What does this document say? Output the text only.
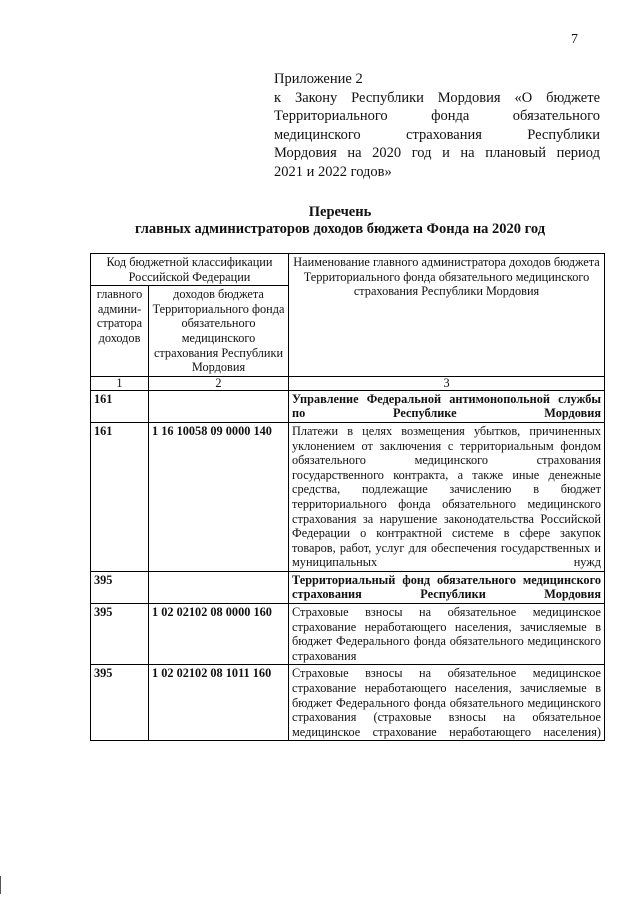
7
Приложение 2
к Закону Республики Мордовия «О бюджете
Территориального фонда обязательного
медицинского страхования Республики
Мордовия на 2020 год и на плановый период
2021 и 2022 годов»
Перечень
главных администраторов доходов бюджета Фонда на 2020 год
Код бюджетной классификации Российской Федерации		Наименование главного администратора доходов бюджета Территориального фонда обязательного медицинского страхования Республики Мордовия
главного админи-стратора доходов	доходов бюджета Территориального фонда обязательного медицинского страхования Республики Мордовия	
1	2	3
161		Управление Федеральной антимонопольной службы по Республике Мордовия
161	1 16 10058 09 0000 140	Платежи в целях возмещения убытков, причиненных уклонением от заключения с территориальным фондом обязательного медицинского страхования государственного контракта, а также иные денежные средства, подлежащие зачислению в бюджет территориального фонда обязательного медицинского страхования за нарушение законодательства Российской Федерации о контрактной системе в сфере закупок товаров, работ, услуг для обеспечения государственных и муниципальных нужд
395		Территориальный фонд обязательного медицинского страхования Республики Мордовия
395	1 02 02102 08 0000 160	Страховые взносы на обязательное медицинское страхование неработающего населения, зачисляемые в бюджет Федерального фонда обязательного медицинского страхования
395	1 02 02102 08 1011 160	Страховые взносы на обязательное медицинское страхование неработающего населения, зачисляемые в бюджет Федерального фонда обязательного медицинского страхования (страховые взносы на обязательное медицинское страхование неработающего населения)
